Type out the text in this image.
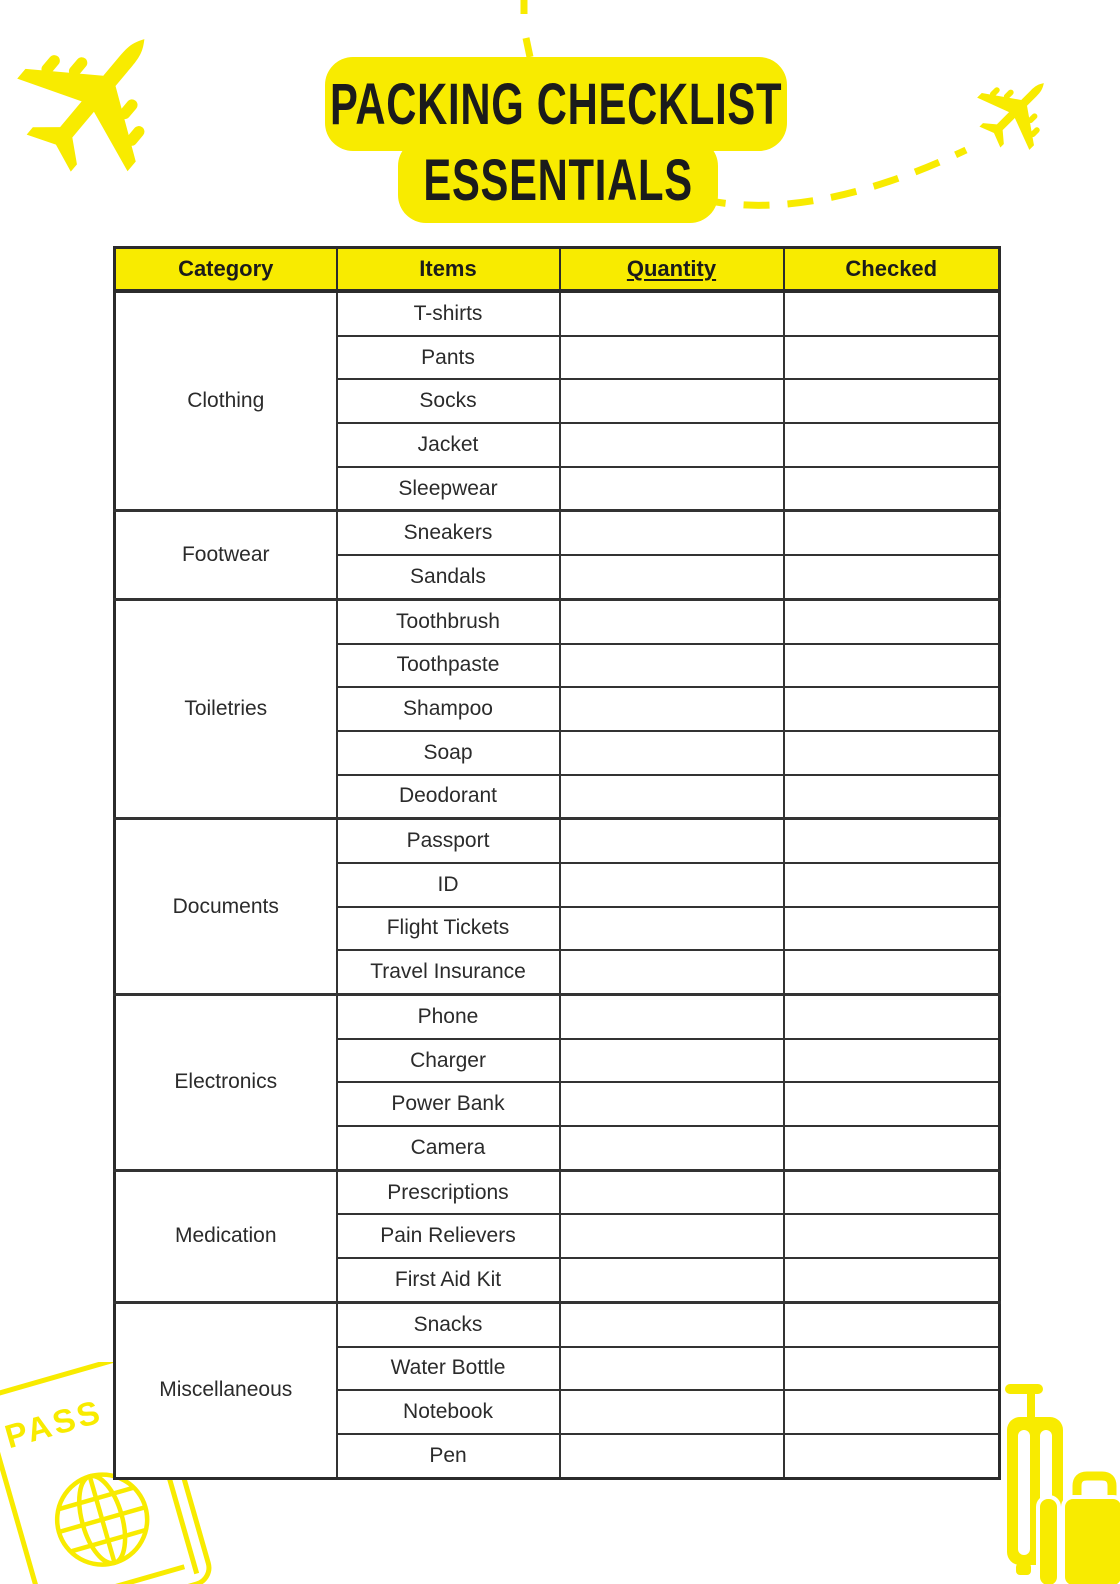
PACKING CHECKLIST
ESSENTIALS
Category	Items	Quantity	Checked
Clothing	T-shirts		
	Pants		
	Socks		
	Jacket		
	Sleepwear		
Footwear	Sneakers		
	Sandals		
Toiletries	Toothbrush		
	Toothpaste		
	Shampoo		
	Soap		
	Deodorant		
Documents	Passport		
	ID		
	Flight Tickets		
	Travel Insurance		
Electronics	Phone		
	Charger		
	Power Bank		
	Camera		
Medication	Prescriptions		
	Pain Relievers		
	First Aid Kit		
Miscellaneous	Snacks		
	Water Bottle		
	Notebook		
	Pen		
PASS
